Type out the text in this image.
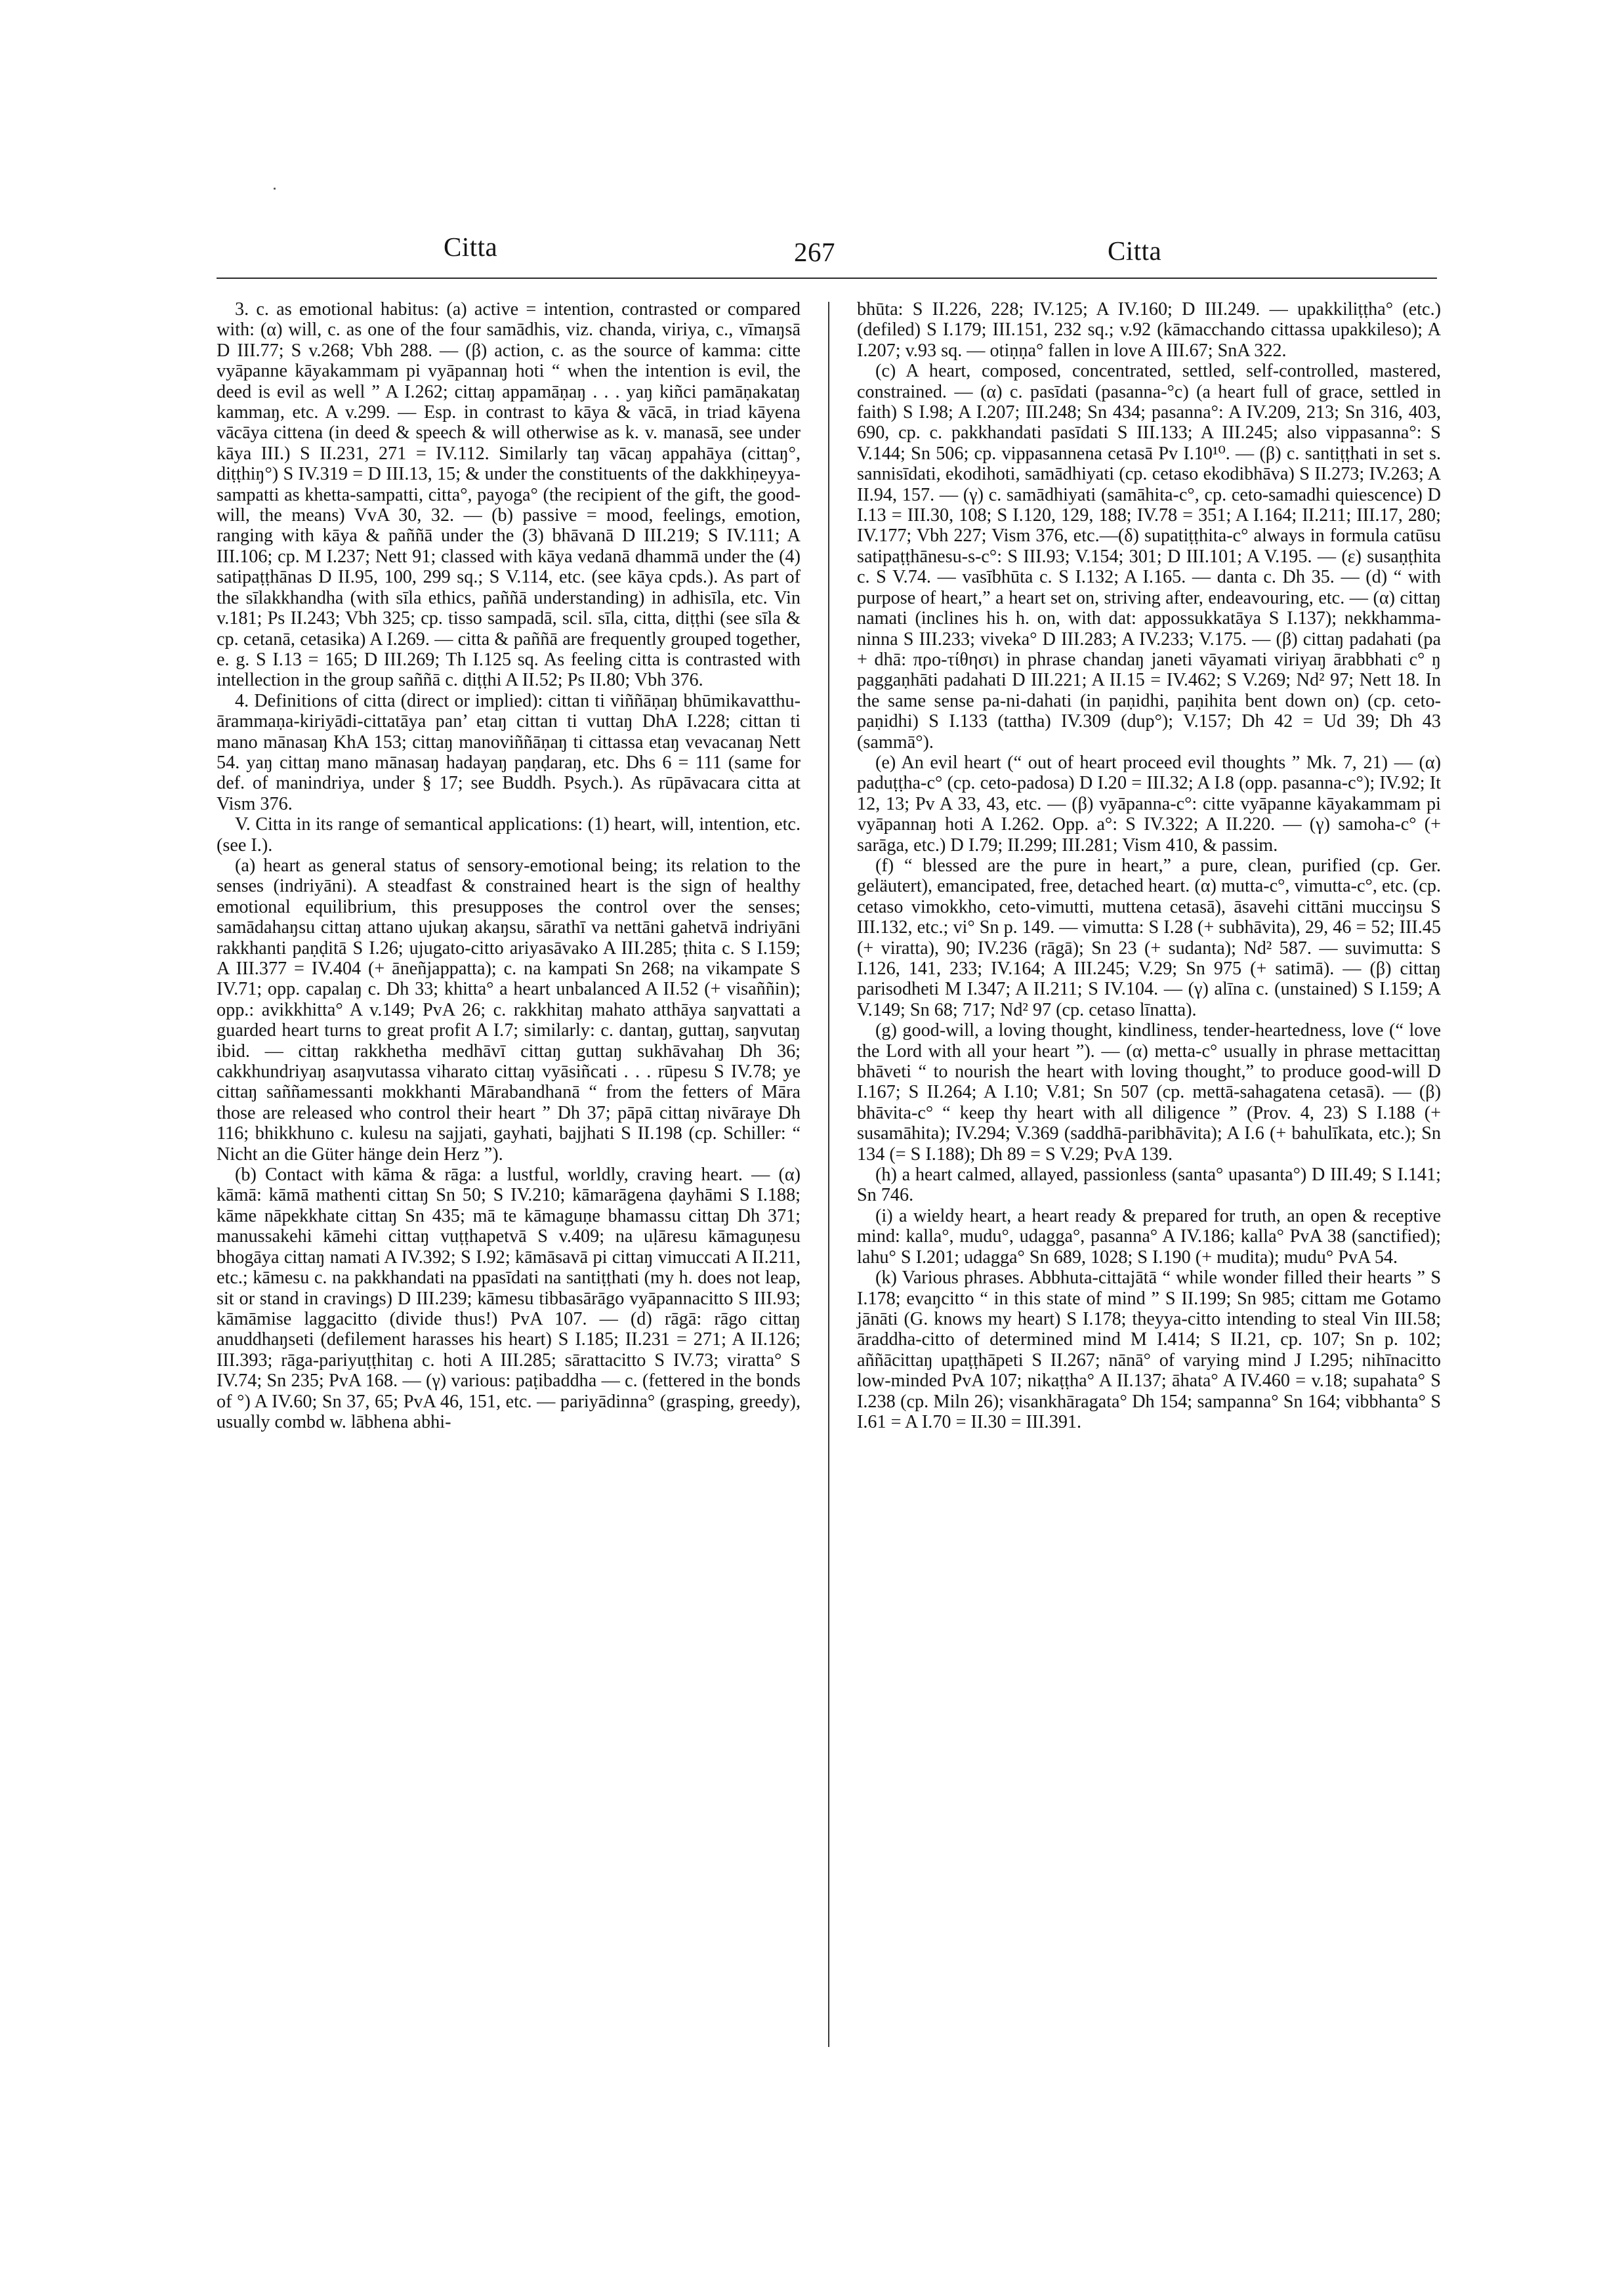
Citta	267	Citta

3. c. as emotional habitus: (a) active = intention, contrasted or compared with: (α) will, c. as one of the four samādhis, viz. chanda, viriya, c., vīmaŋsā D III.77; S v.268; Vbh 288. — (β) action, c. as the source of kamma: citte vyāpanne kāyakammam pi vyāpannaŋ hoti “ when the intention is evil, the deed is evil as well ” A I.262; cittaŋ appamāṇaŋ . . . yaŋ kiñci pamāṇakataŋ kammaŋ, etc. A v.299. — Esp. in contrast to kāya & vācā, in triad kāyena vācāya cittena (in deed & speech & will otherwise as k. v. manasā, see under kāya III.) S II.231, 271 = IV.112. Similarly taŋ vācaŋ appahāya (cittaŋ°, diṭṭhiŋ°) S IV.319 = D III.13, 15; & under the constituents of the dakkhiṇeyya-sampatti as khetta-sampatti, citta°, payoga° (the recipient of the gift, the good-will, the means) VvA 30, 32. — (b) passive = mood, feelings, emotion, ranging with kāya & paññā under the (3) bhāvanā D III.219; S IV.111; A III.106; cp. M I.237; Nett 91; classed with kāya vedanā dhammā under the (4) satipaṭṭhānas D II.95, 100, 299 sq.; S V.114, etc. (see kāya cpds.). As part of the sīlakkhandha (with sīla ethics, paññā understanding) in adhisīla, etc. Vin v.181; Ps II.243; Vbh 325; cp. tisso sampadā, scil. sīla, citta, diṭṭhi (see sīla & cp. cetanā, cetasika) A I.269. — citta & paññā are frequently grouped together, e. g. S I.13 = 165; D III.269; Th I.125 sq. As feeling citta is contrasted with intellection in the group saññā c. diṭṭhi A II.52; Ps II.80; Vbh 376.

4. Definitions of citta (direct or implied): cittan ti viññāṇaŋ bhūmikavatthu-ārammaṇa-kiriyādi-cittatāya pan’ etaŋ cittan ti vuttaŋ DhA I.228; cittan ti mano mānasaŋ KhA 153; cittaŋ manoviññāṇaŋ ti cittassa etaŋ vevacanaŋ Nett 54. yaŋ cittaŋ mano mānasaŋ hadayaŋ paṇḍaraŋ, etc. Dhs 6 = 111 (same for def. of manindriya, under § 17; see Buddh. Psych.). As rūpāvacara citta at Vism 376.

V. Citta in its range of semantical applications: (1) heart, will, intention, etc. (see I.).

(a) heart as general status of sensory-emotional being; its relation to the senses (indriyāni). A steadfast & constrained heart is the sign of healthy emotional equilibrium, this presupposes the control over the senses; samādahaŋsu cittaŋ attano ujukaŋ akaŋsu, sārathī va nettāni gahetvā indriyāni rakkhanti paṇḍitā S I.26; ujugato-citto ariyasāvako A III.285; ṭhita c. S I.159; A III.377 = IV.404 (+ āneñjappatta); c. na kampati Sn 268; na vikampate S IV.71; opp. capalaŋ c. Dh 33; khitta° a heart unbalanced A II.52 (+ visaññin); opp.: avikkhitta° A v.149; PvA 26; c. rakkhitaŋ mahato atthāya saŋvattati a guarded heart turns to great profit A I.7; similarly: c. dantaŋ, guttaŋ, saŋvutaŋ ibid. — cittaŋ rakkhetha medhāvī cittaŋ guttaŋ sukhāvahaŋ Dh 36; cakkhundriyaŋ asaŋvutassa viharato cittaŋ vyāsiñcati . . . rūpesu S IV.78; ye cittaŋ saññamessanti mokkhanti Mārabandhanā “ from the fetters of Māra those are released who control their heart ” Dh 37; pāpā cittaŋ nivāraye Dh 116; bhikkhuno c. kulesu na sajjati, gayhati, bajjhati S II.198 (cp. Schiller: “ Nicht an die Güter hänge dein Herz ”).

(b) Contact with kāma & rāga: a lustful, worldly, craving heart. — (α) kāmā: kāmā mathenti cittaŋ Sn 50; S IV.210; kāmarāgena ḍayhāmi S I.188; kāme nāpekkhate cittaŋ Sn 435; mā te kāmaguṇe bhamassu cittaŋ Dh 371; manussakehi kāmehi cittaŋ vuṭṭhapetvā S v.409; na uḷāresu kāmaguṇesu bhogāya cittaŋ namati A IV.392; S I.92; kāmāsavā pi cittaŋ vimuccati A II.211, etc.; kāmesu c. na pakkhandati na ppasīdati na santiṭṭhati (my h. does not leap, sit or stand in cravings) D III.239; kāmesu tibbasārāgo vyāpannacitto S III.93; kāmāmise laggacitto (divide thus!) PvA 107. — (d) rāgā: rāgo cittaŋ anuddhaŋseti (defilement harasses his heart) S I.185; II.231 = 271; A II.126; III.393; rāga-pariyuṭṭhitaŋ c. hoti A III.285; sārattacitto S IV.73; viratta° S IV.74; Sn 235; PvA 168. — (γ) various: paṭibaddha — c. (fettered in the bonds of °) A IV.60; Sn 37, 65; PvA 46, 151, etc. — pariyādinna° (grasping, greedy), usually combd w. lābhena abhi-

bhūta: S II.226, 228; IV.125; A IV.160; D III.249. — upakkiliṭṭha° (etc.) (defiled) S I.179; III.151, 232 sq.; v.92 (kāmacchando cittassa upakkileso); A I.207; v.93 sq. — otiṇṇa° fallen in love A III.67; SnA 322.

(c) A heart, composed, concentrated, settled, self-controlled, mastered, constrained. — (α) c. pasīdati (pasanna-°c) (a heart full of grace, settled in faith) S I.98; A I.207; III.248; Sn 434; pasanna°: A IV.209, 213; Sn 316, 403, 690, cp. c. pakkhandati pasīdati S III.133; A III.245; also vippasanna°: S V.144; Sn 506; cp. vippasannena cetasā Pv I.10¹⁰. — (β) c. santiṭṭhati in set s. sannisīdati, ekodihoti, samādhiyati (cp. cetaso ekodibhāva) S II.273; IV.263; A II.94, 157. — (γ) c. samādhiyati (samāhita-c°, cp. ceto-samadhi quiescence) D I.13 = III.30, 108; S I.120, 129, 188; IV.78 = 351; A I.164; II.211; III.17, 280; IV.177; Vbh 227; Vism 376, etc.—(δ) supatiṭṭhita-c° always in formula catūsu satipaṭṭhānesu-s-c°: S III.93; V.154; 301; D III.101; A V.195. — (ε) susaṇṭhita c. S V.74. — vasībhūta c. S I.132; A I.165. — danta c. Dh 35. — (d) “ with purpose of heart,” a heart set on, striving after, endeavouring, etc. — (α) cittaŋ namati (inclines his h. on, with dat: appossukkatāya S I.137); nekkhamma-ninna S III.233; viveka° D III.283; A IV.233; V.175. — (β) cittaŋ padahati (pa + dhā: προ-τίθησι) in phrase chandaŋ janeti vāyamati viriyaŋ ārabbhati c° ŋ paggaṇhāti padahati D III.221; A II.15 = IV.462; S V.269; Nd² 97; Nett 18. In the same sense pa-ni-dahati (in paṇidhi, paṇihita bent down on) (cp. ceto-paṇidhi) S I.133 (tattha) IV.309 (dup°); V.157; Dh 42 = Ud 39; Dh 43 (sammā°).

(e) An evil heart (“ out of heart proceed evil thoughts ” Mk. 7, 21) — (α) paduṭṭha-c° (cp. ceto-padosa) D I.20 = III.32; A I.8 (opp. pasanna-c°); IV.92; It 12, 13; Pv A 33, 43, etc. — (β) vyāpanna-c°: citte vyāpanne kāyakammam pi vyāpannaŋ hoti A I.262. Opp. a°: S IV.322; A II.220. — (γ) samoha-c° (+ sarāga, etc.) D I.79; II.299; III.281; Vism 410, & passim.

(f) “ blessed are the pure in heart,” a pure, clean, purified (cp. Ger. geläutert), emancipated, free, detached heart. (α) mutta-c°, vimutta-c°, etc. (cp. cetaso vimokkho, ceto-vimutti, muttena cetasā), āsavehi cittāni mucciŋsu S III.132, etc.; vi° Sn p. 149. — vimutta: S I.28 (+ subhāvita), 29, 46 = 52; III.45 (+ viratta), 90; IV.236 (rāgā); Sn 23 (+ sudanta); Nd² 587. — suvimutta: S I.126, 141, 233; IV.164; A III.245; V.29; Sn 975 (+ satimā). — (β) cittaŋ parisodheti M I.347; A II.211; S IV.104. — (γ) alīna c. (unstained) S I.159; A V.149; Sn 68; 717; Nd² 97 (cp. cetaso līnatta).

(g) good-will, a loving thought, kindliness, tender-heartedness, love (“ love the Lord with all your heart ”). — (α) metta-c° usually in phrase mettacittaŋ bhāveti “ to nourish the heart with loving thought,” to produce good-will D I.167; S II.264; A I.10; V.81; Sn 507 (cp. mettā-sahagatena cetasā). — (β) bhāvita-c° “ keep thy heart with all diligence ” (Prov. 4, 23) S I.188 (+ susamāhita); IV.294; V.369 (saddhā-paribhāvita); A I.6 (+ bahulīkata, etc.); Sn 134 (= S I.188); Dh 89 = S V.29; PvA 139.

(h) a heart calmed, allayed, passionless (santa° upasanta°) D III.49; S I.141; Sn 746.

(i) a wieldy heart, a heart ready & prepared for truth, an open & receptive mind: kalla°, mudu°, udagga°, pasanna° A IV.186; kalla° PvA 38 (sanctified); lahu° S I.201; udagga° Sn 689, 1028; S I.190 (+ mudita); mudu° PvA 54.

(k) Various phrases. Abbhuta-cittajātā “ while wonder filled their hearts ” S I.178; evaŋcitto “ in this state of mind ” S II.199; Sn 985; cittam me Gotamo jānāti (G. knows my heart) S I.178; theyya-citto intending to steal Vin III.58; āraddha-citto of determined mind M I.414; S II.21, cp. 107; Sn p. 102; aññācittaŋ upaṭṭhāpeti S II.267; nānā° of varying mind J I.295; nihīnacitto low-minded PvA 107; nikaṭṭha° A II.137; āhata° A IV.460 = v.18; supahata° S I.238 (cp. Miln 26); visankhāragata° Dh 154; sampanna° Sn 164; vibbhanta° S I.61 = A I.70 = II.30 = III.391.
